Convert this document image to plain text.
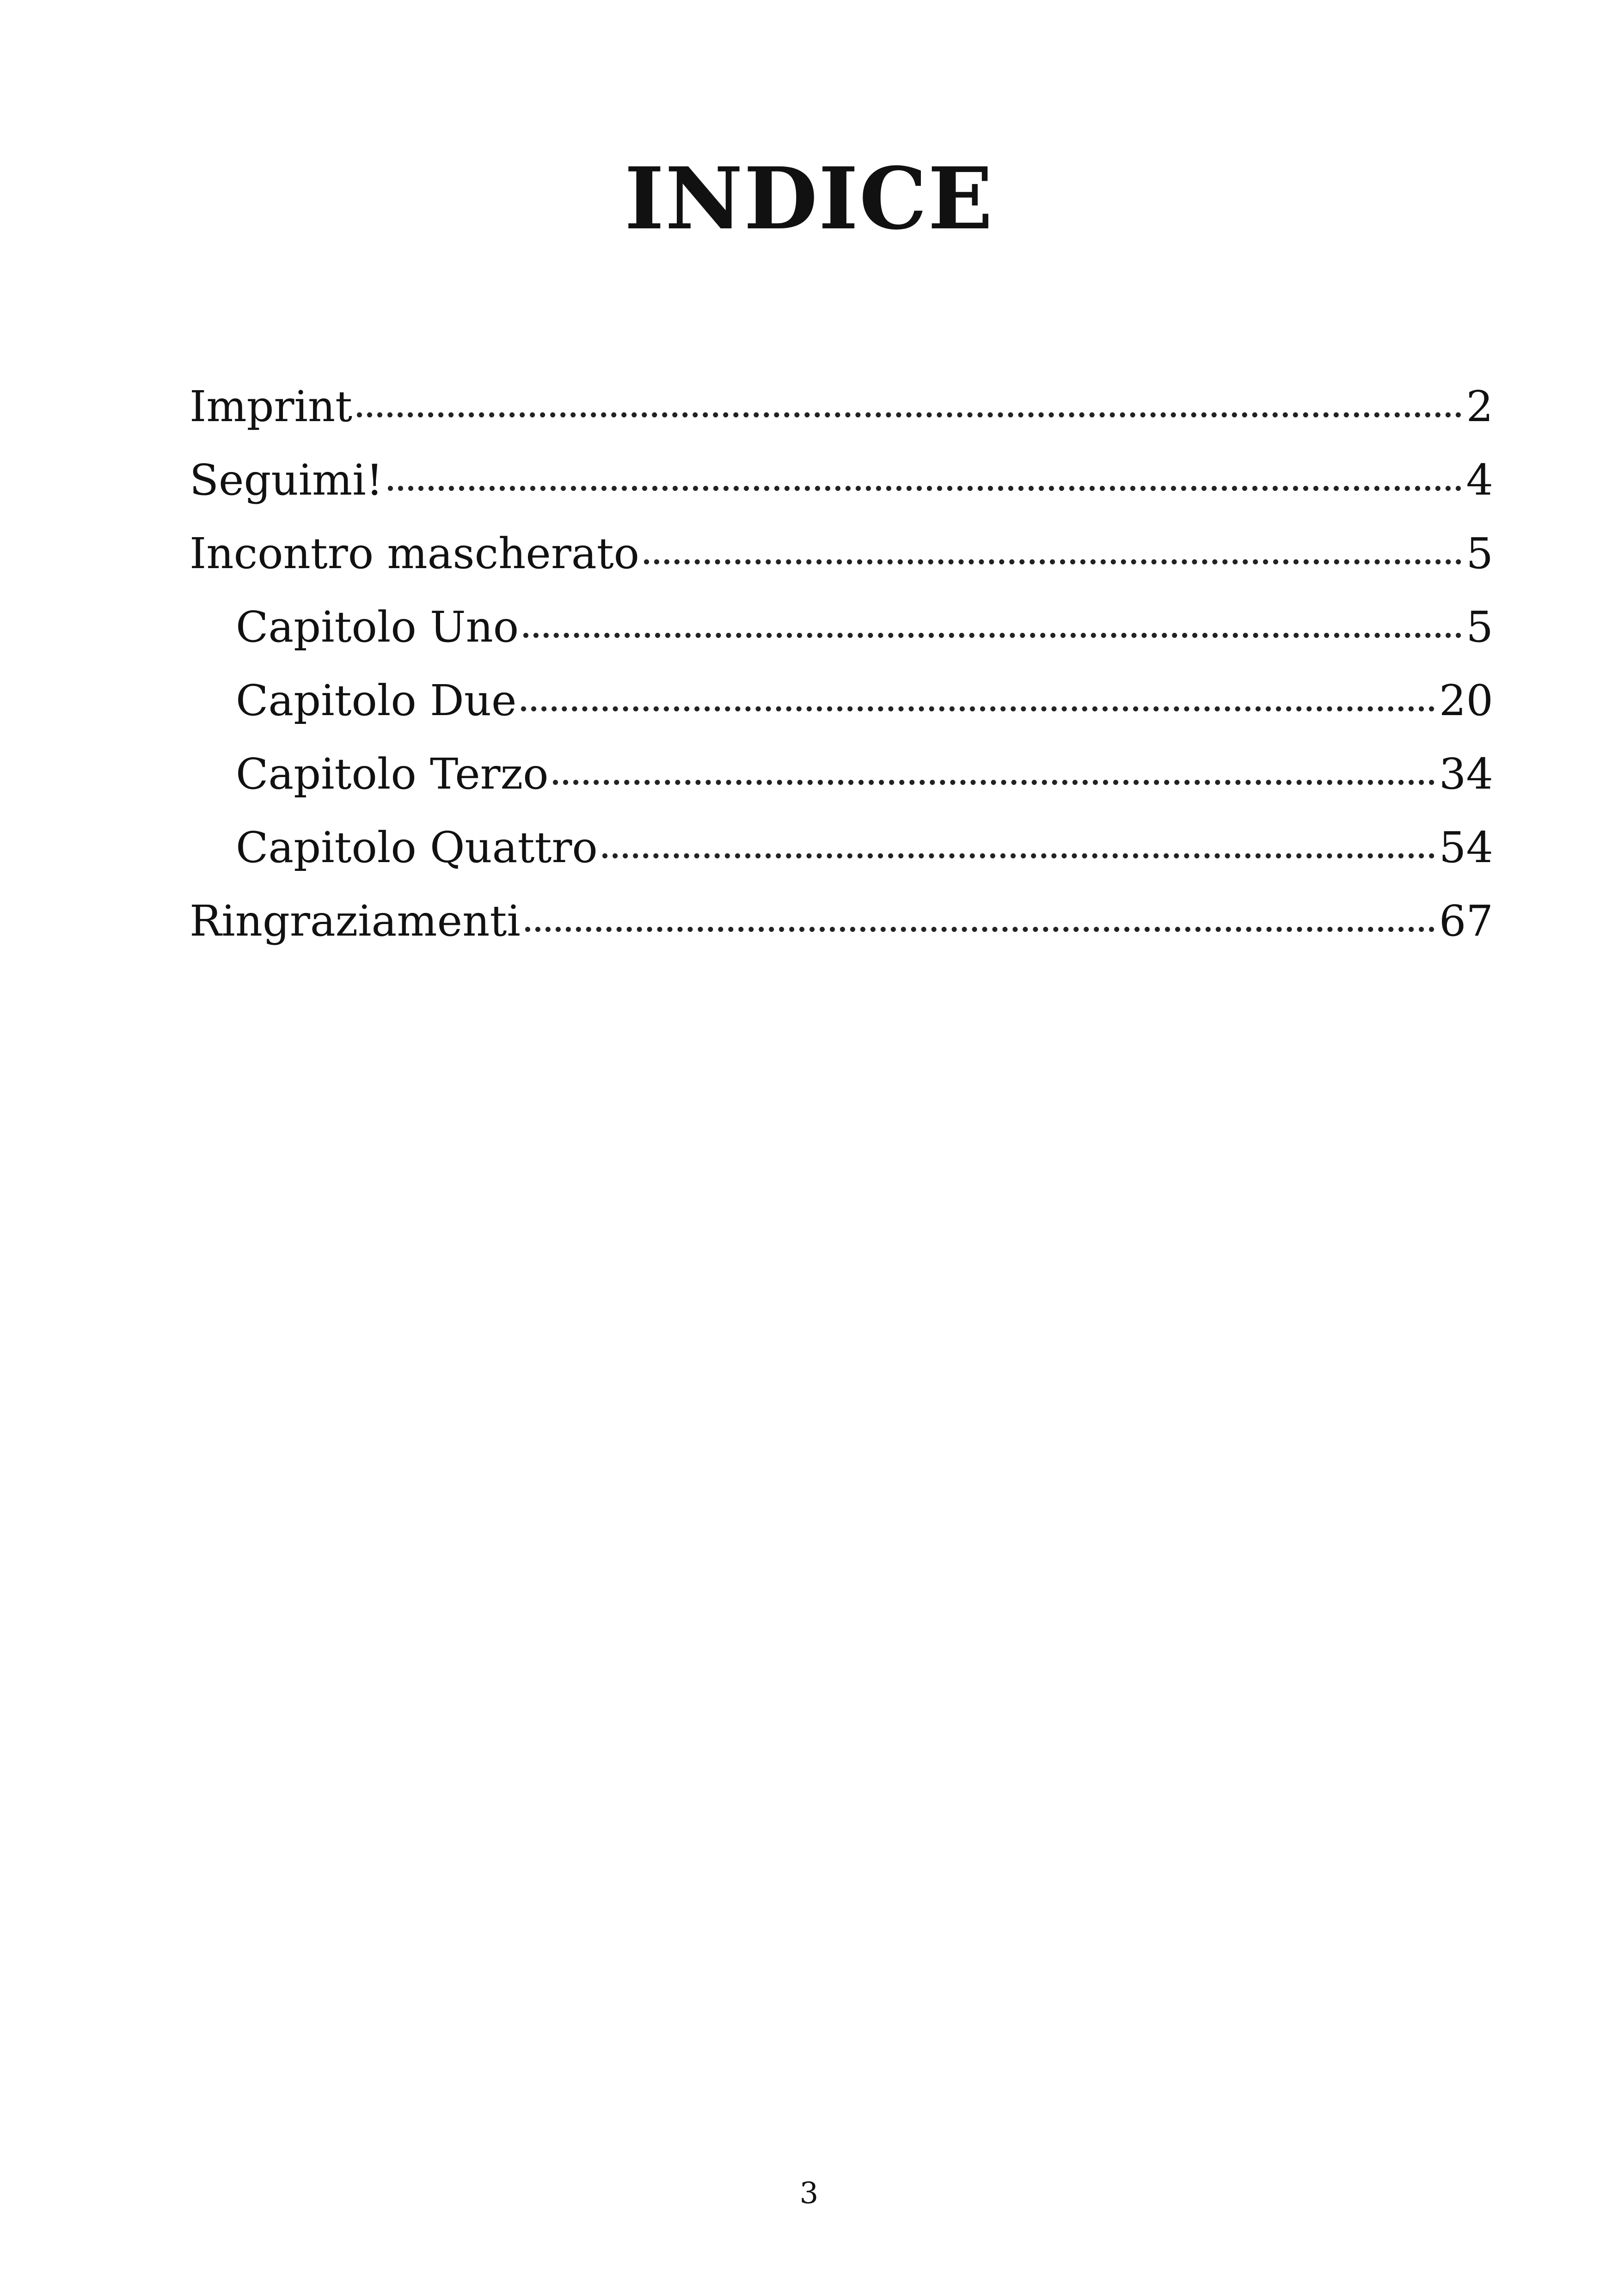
INDICE
Imprint	2
Seguimi!	4
Incontro mascherato	5
Capitolo Uno	5
Capitolo Due	20
Capitolo Terzo	34
Capitolo Quattro	54
Ringraziamenti	67
3
